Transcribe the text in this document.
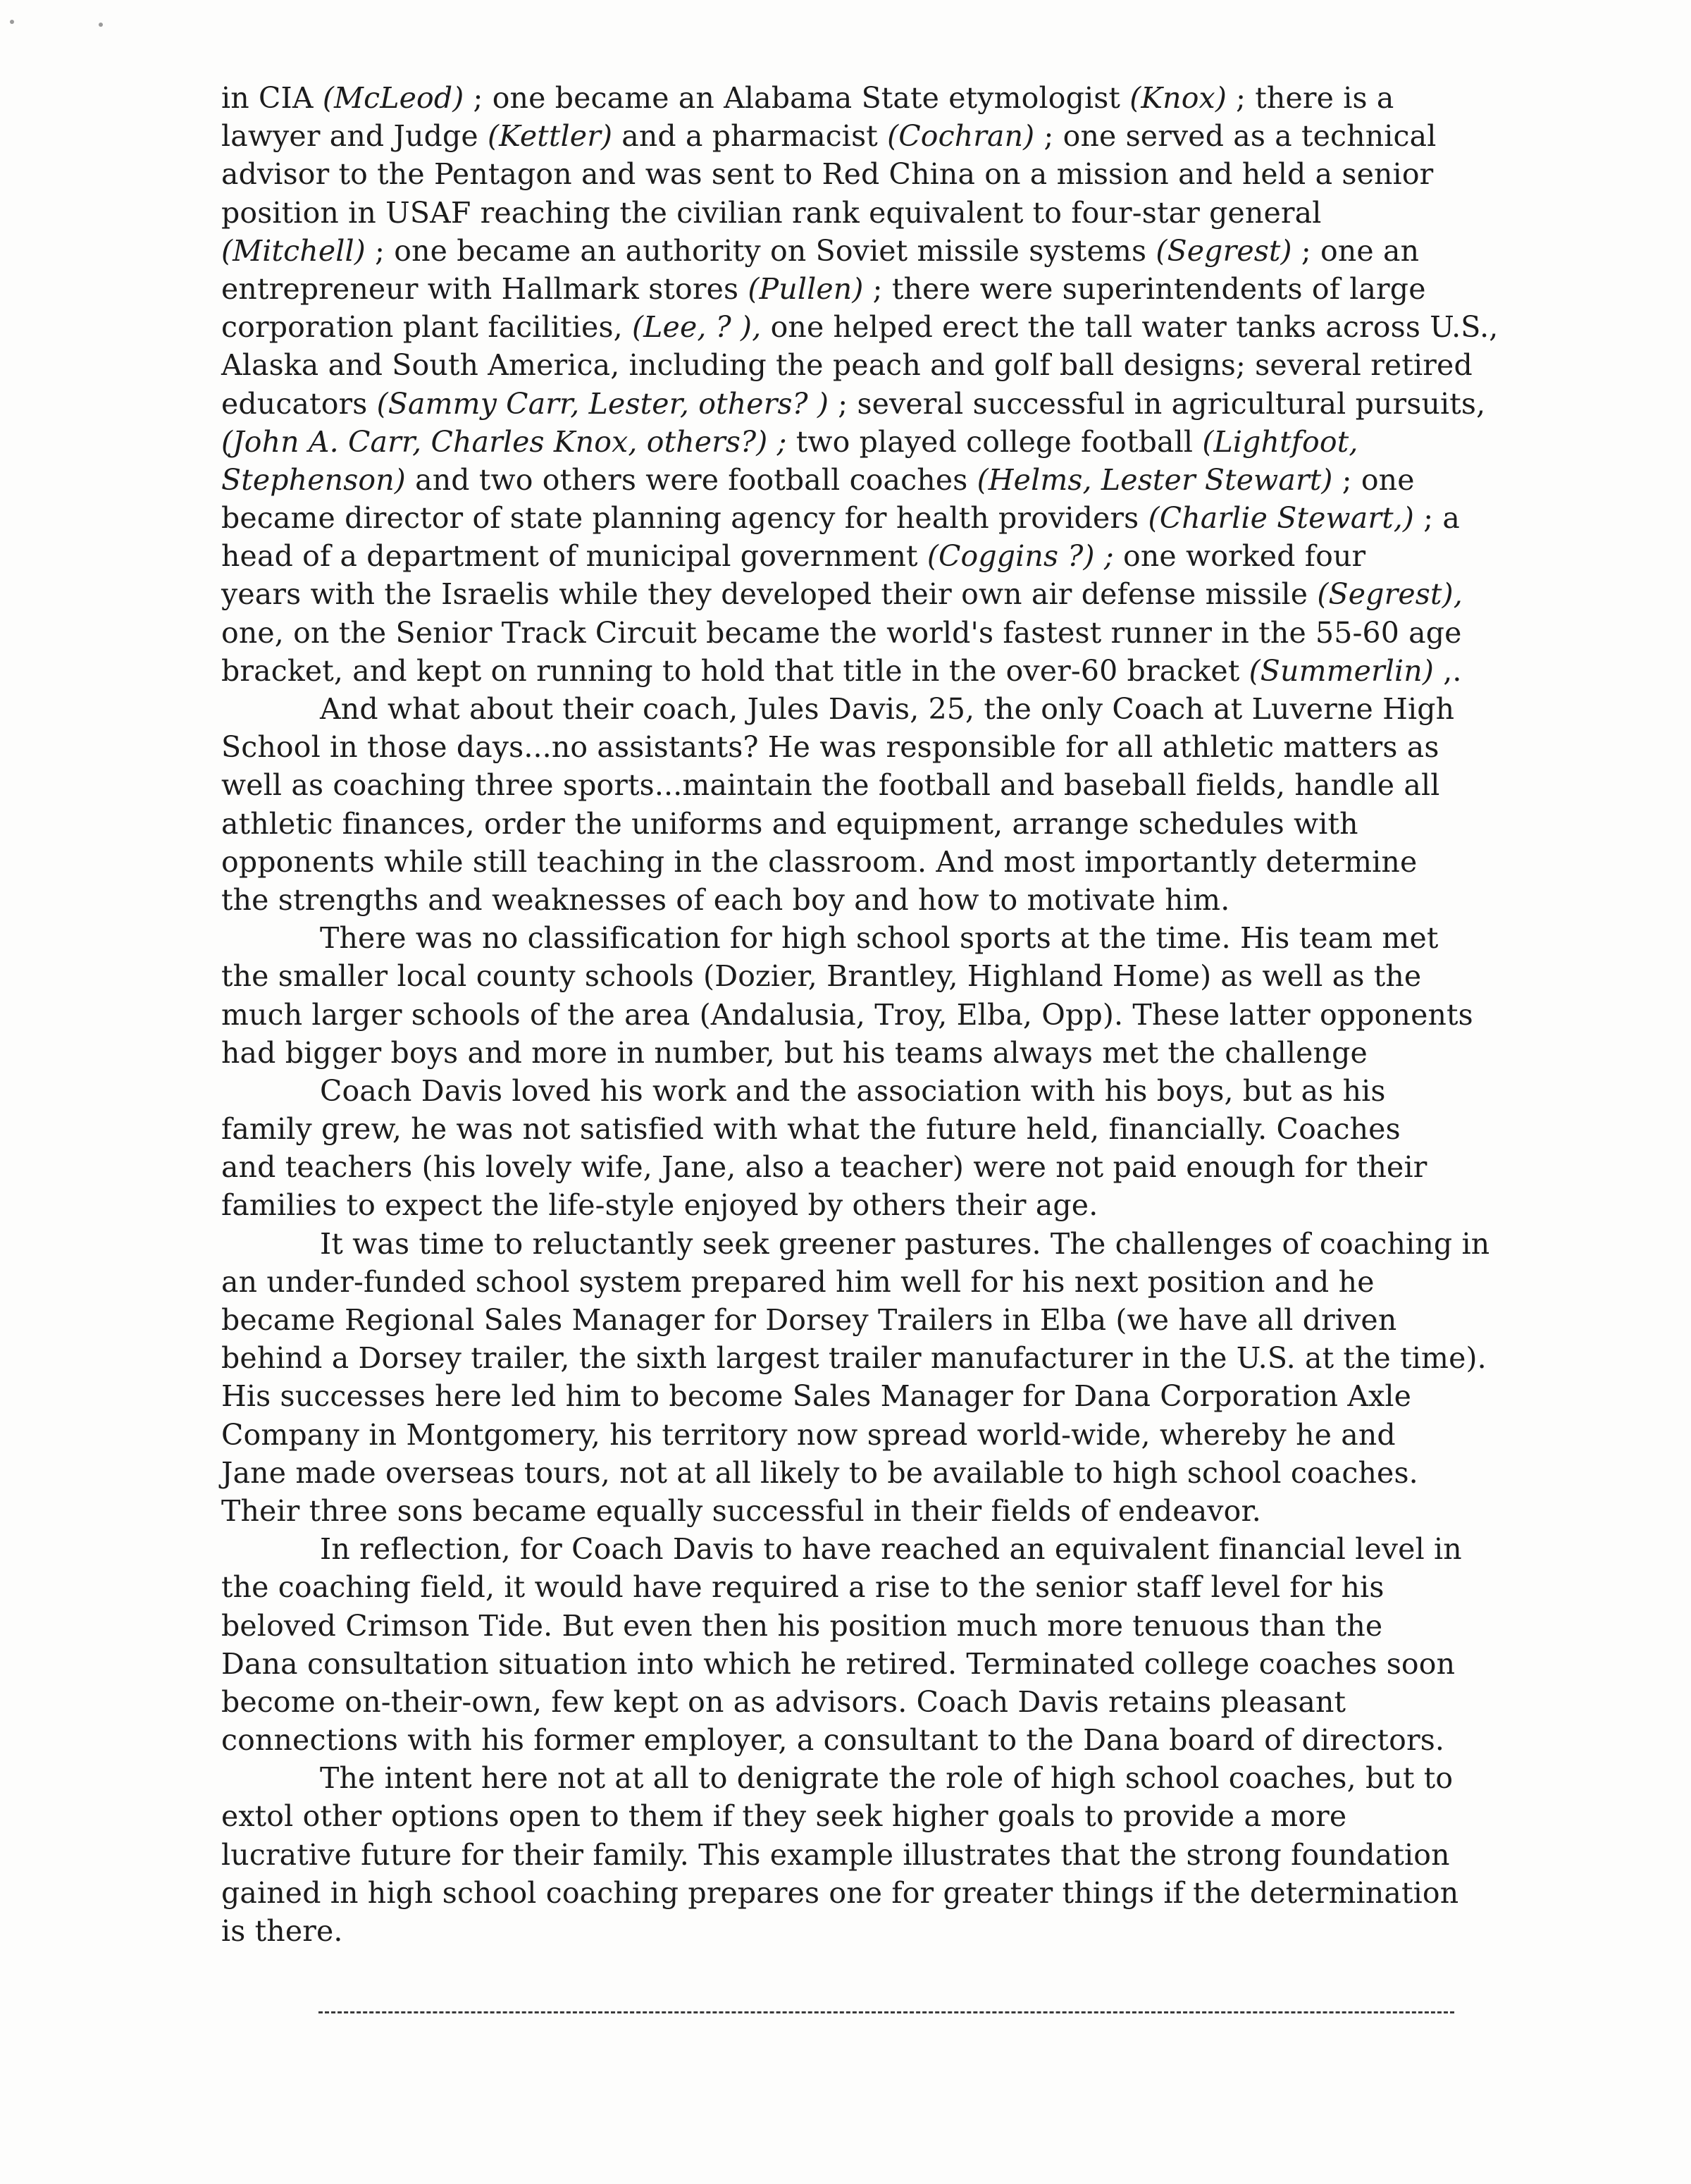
in CIA (McLeod) ; one became an Alabama State etymologist (Knox) ; there is a
lawyer and Judge (Kettler) and a pharmacist (Cochran) ; one served as a technical
advisor to the Pentagon and was sent to Red China on a mission and held a senior
position in USAF reaching the civilian rank equivalent to four-star general
(Mitchell) ; one became an authority on Soviet missile systems (Segrest) ; one an
entrepreneur with Hallmark stores (Pullen) ; there were superintendents of large
corporation plant facilities, (Lee, ? ), one helped erect the tall water tanks across U.S.,
Alaska and South America, including the peach and golf ball designs; several retired
educators (Sammy Carr, Lester, others? ) ; several successful in agricultural pursuits,
(John A. Carr, Charles Knox, others?) ; two played college football (Lightfoot,
Stephenson) and two others were football coaches (Helms, Lester Stewart) ; one
became director of state planning agency for health providers (Charlie Stewart,) ; a
head of a department of municipal government (Coggins ?) ; one worked four
years with the Israelis while they developed their own air defense missile (Segrest),
one, on the Senior Track Circuit became the world's fastest runner in the 55-60 age
bracket, and kept on running to hold that title in the over-60 bracket (Summerlin) ,.
And what about their coach, Jules Davis, 25, the only Coach at Luverne High
School in those days...no assistants? He was responsible for all athletic matters as
well as coaching three sports...maintain the football and baseball fields, handle all
athletic finances, order the uniforms and equipment, arrange schedules with
opponents while still teaching in the classroom. And most importantly determine
the strengths and weaknesses of each boy and how to motivate him.
There was no classification for high school sports at the time. His team met
the smaller local county schools (Dozier, Brantley, Highland Home) as well as the
much larger schools of the area (Andalusia, Troy, Elba, Opp). These latter opponents
had bigger boys and more in number, but his teams always met the challenge
Coach Davis loved his work and the association with his boys, but as his
family grew, he was not satisfied with what the future held, financially. Coaches
and teachers (his lovely wife, Jane, also a teacher) were not paid enough for their
families to expect the life-style enjoyed by others their age.
It was time to reluctantly seek greener pastures. The challenges of coaching in
an under-funded school system prepared him well for his next position and he
became Regional Sales Manager for Dorsey Trailers in Elba (we have all driven
behind a Dorsey trailer, the sixth largest trailer manufacturer in the U.S. at the time).
His successes here led him to become Sales Manager for Dana Corporation Axle
Company in Montgomery, his territory now spread world-wide, whereby he and
Jane made overseas tours, not at all likely to be available to high school coaches.
Their three sons became equally successful in their fields of endeavor.
In reflection, for Coach Davis to have reached an equivalent financial level in
the coaching field, it would have required a rise to the senior staff level for his
beloved Crimson Tide. But even then his position much more tenuous than the
Dana consultation situation into which he retired. Terminated college coaches soon
become on-their-own, few kept on as advisors. Coach Davis retains pleasant
connections with his former employer, a consultant to the Dana board of directors.
The intent here not at all to denigrate the role of high school coaches, but to
extol other options open to them if they seek higher goals to provide a more
lucrative future for their family. This example illustrates that the strong foundation
gained in high school coaching prepares one for greater things if the determination
is there.
